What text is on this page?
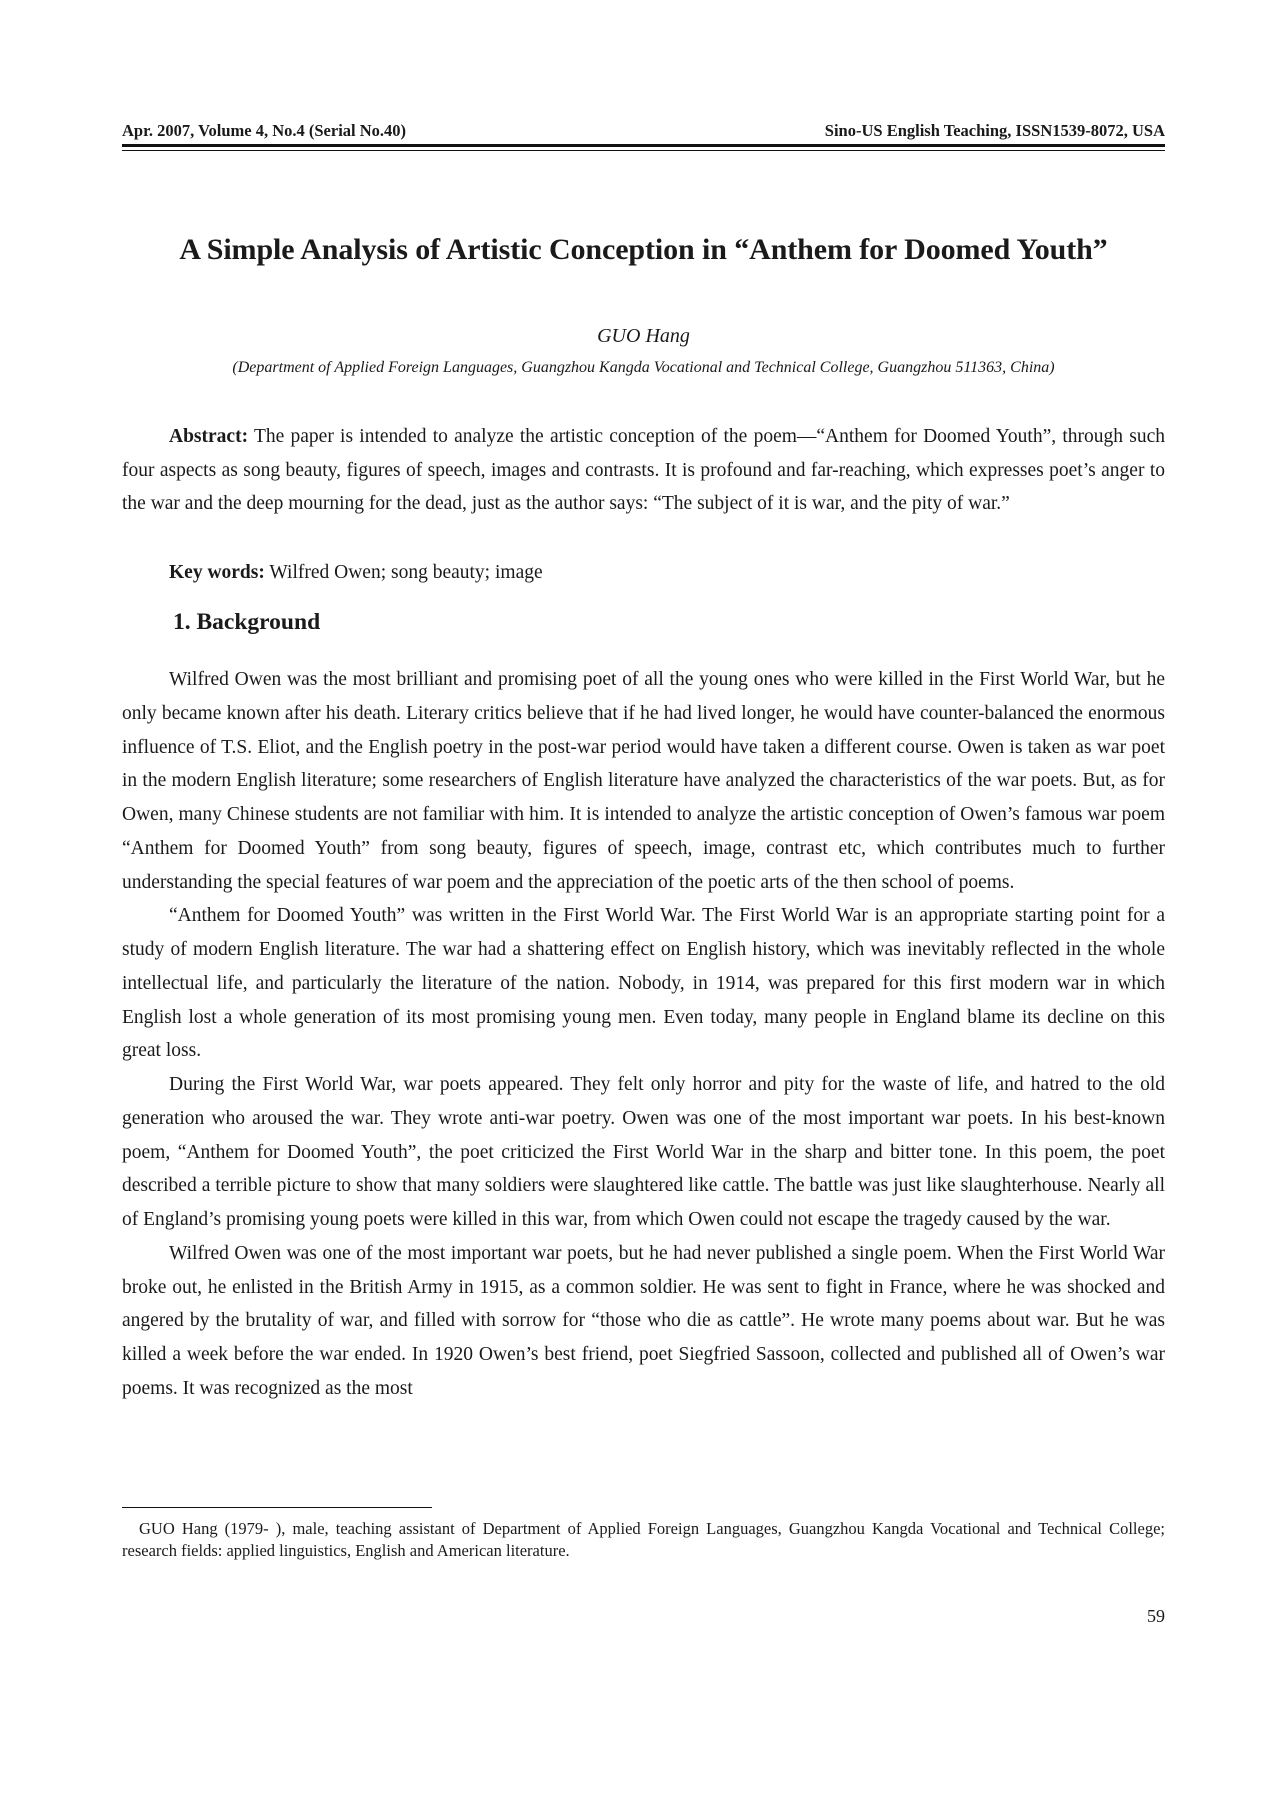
Apr. 2007, Volume 4, No.4 (Serial No.40)	Sino-US English Teaching, ISSN1539-8072, USA
A Simple Analysis of Artistic Conception in “Anthem for Doomed Youth”
GUO Hang
(Department of Applied Foreign Languages, Guangzhou Kangda Vocational and Technical College, Guangzhou 511363, China)

Abstract: The paper is intended to analyze the artistic conception of the poem—“Anthem for Doomed Youth”, through such four aspects as song beauty, figures of speech, images and contrasts. It is profound and far-reaching, which expresses poet’s anger to the war and the deep mourning for the dead, just as the author says: “The subject of it is war, and the pity of war.”

Key words: Wilfred Owen; song beauty; image

1. Background

Wilfred Owen was the most brilliant and promising poet of all the young ones who were killed in the First World War, but he only became known after his death. Literary critics believe that if he had lived longer, he would have counter-balanced the enormous influence of T.S. Eliot, and the English poetry in the post-war period would have taken a different course. Owen is taken as war poet in the modern English literature; some researchers of English literature have analyzed the characteristics of the war poets. But, as for Owen, many Chinese students are not familiar with him. It is intended to analyze the artistic conception of Owen’s famous war poem “Anthem for Doomed Youth” from song beauty, figures of speech, image, contrast etc, which contributes much to further understanding the special features of war poem and the appreciation of the poetic arts of the then school of poems.

“Anthem for Doomed Youth” was written in the First World War. The First World War is an appropriate starting point for a study of modern English literature. The war had a shattering effect on English history, which was inevitably reflected in the whole intellectual life, and particularly the literature of the nation. Nobody, in 1914, was prepared for this first modern war in which English lost a whole generation of its most promising young men. Even today, many people in England blame its decline on this great loss.

During the First World War, war poets appeared. They felt only horror and pity for the waste of life, and hatred to the old generation who aroused the war. They wrote anti-war poetry. Owen was one of the most important war poets. In his best-known poem, “Anthem for Doomed Youth”, the poet criticized the First World War in the sharp and bitter tone. In this poem, the poet described a terrible picture to show that many soldiers were slaughtered like cattle. The battle was just like slaughterhouse. Nearly all of England’s promising young poets were killed in this war, from which Owen could not escape the tragedy caused by the war.

Wilfred Owen was one of the most important war poets, but he had never published a single poem. When the First World War broke out, he enlisted in the British Army in 1915, as a common soldier. He was sent to fight in France, where he was shocked and angered by the brutality of war, and filled with sorrow for “those who die as cattle”. He wrote many poems about war. But he was killed a week before the war ended. In 1920 Owen’s best friend, poet Siegfried Sassoon, collected and published all of Owen’s war poems. It was recognized as the most

GUO Hang (1979- ), male, teaching assistant of Department of Applied Foreign Languages, Guangzhou Kangda Vocational and Technical College; research fields: applied linguistics, English and American literature.

59
